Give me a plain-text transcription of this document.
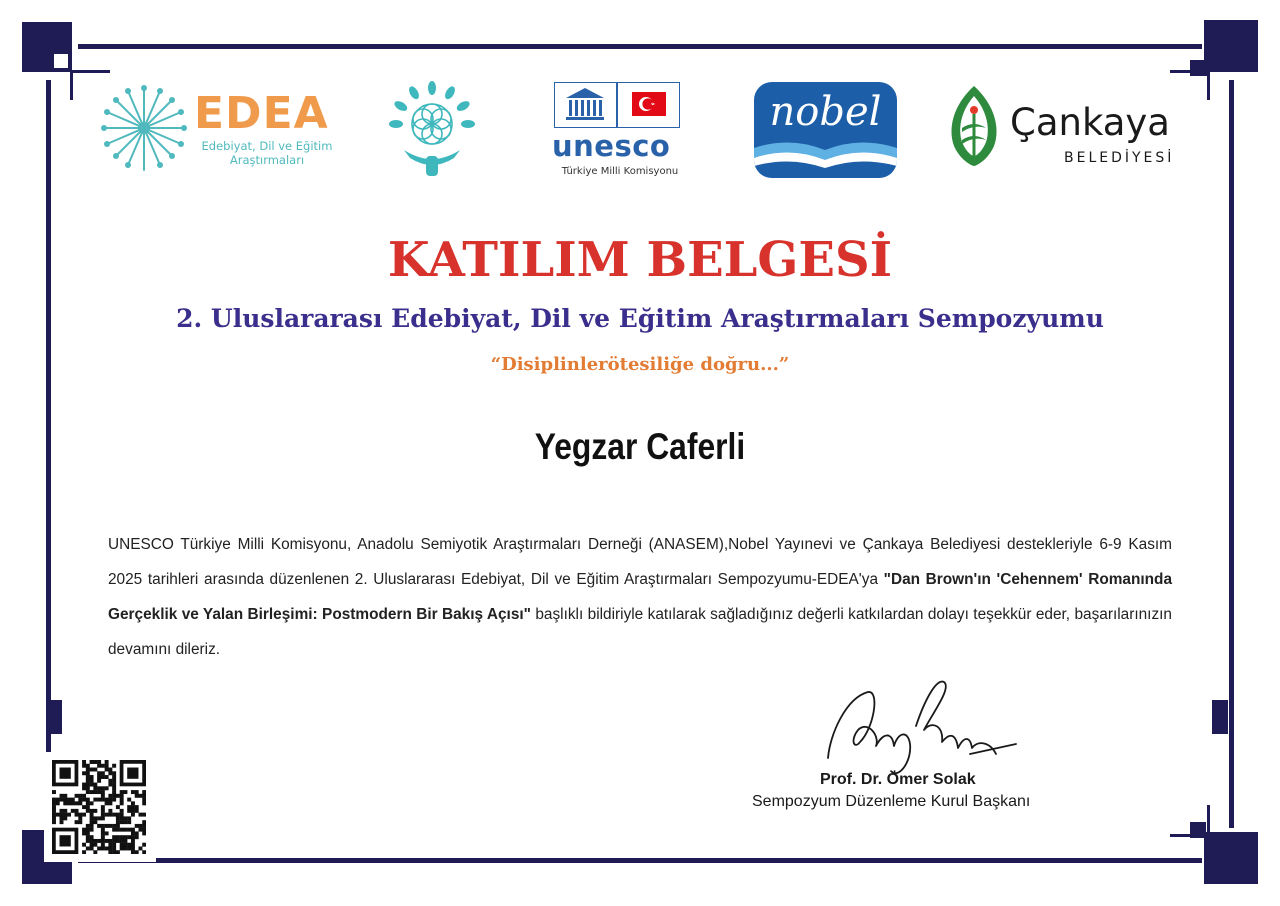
EDEA
Edebiyat, Dil ve Eğitim
Araştırmaları	unesco
Türkiye Milli Komisyonu
nobel	Çankaya
BELEDİYESİ
KATILIM BELGESİ
2. Uluslararası Edebiyat, Dil ve Eğitim Araştırmaları Sempozyumu
“Disiplinlerötesiliğe doğru...”
Yegzar Caferli

UNESCO Türkiye Milli Komisyonu, Anadolu Semiyotik Araştırmaları Derneği (ANASEM),Nobel Yayınevi ve Çankaya Belediyesi destekleriyle 6-9 Kasım 2025 tarihleri arasında düzenlenen 2. Uluslararası Edebiyat, Dil ve Eğitim Araştırmaları Sempozyumu-EDEA'ya "Dan Brown'ın 'Cehennem' Romanında Gerçeklik ve Yalan Birleşimi: Postmodern Bir Bakış Açısı" başlıklı bildiriyle katılarak sağladığınız değerli katkılardan dolayı teşekkür eder, başarılarınızın devamını dileriz.

Prof. Dr. Ömer Solak
Sempozyum Düzenleme Kurul Başkanı
